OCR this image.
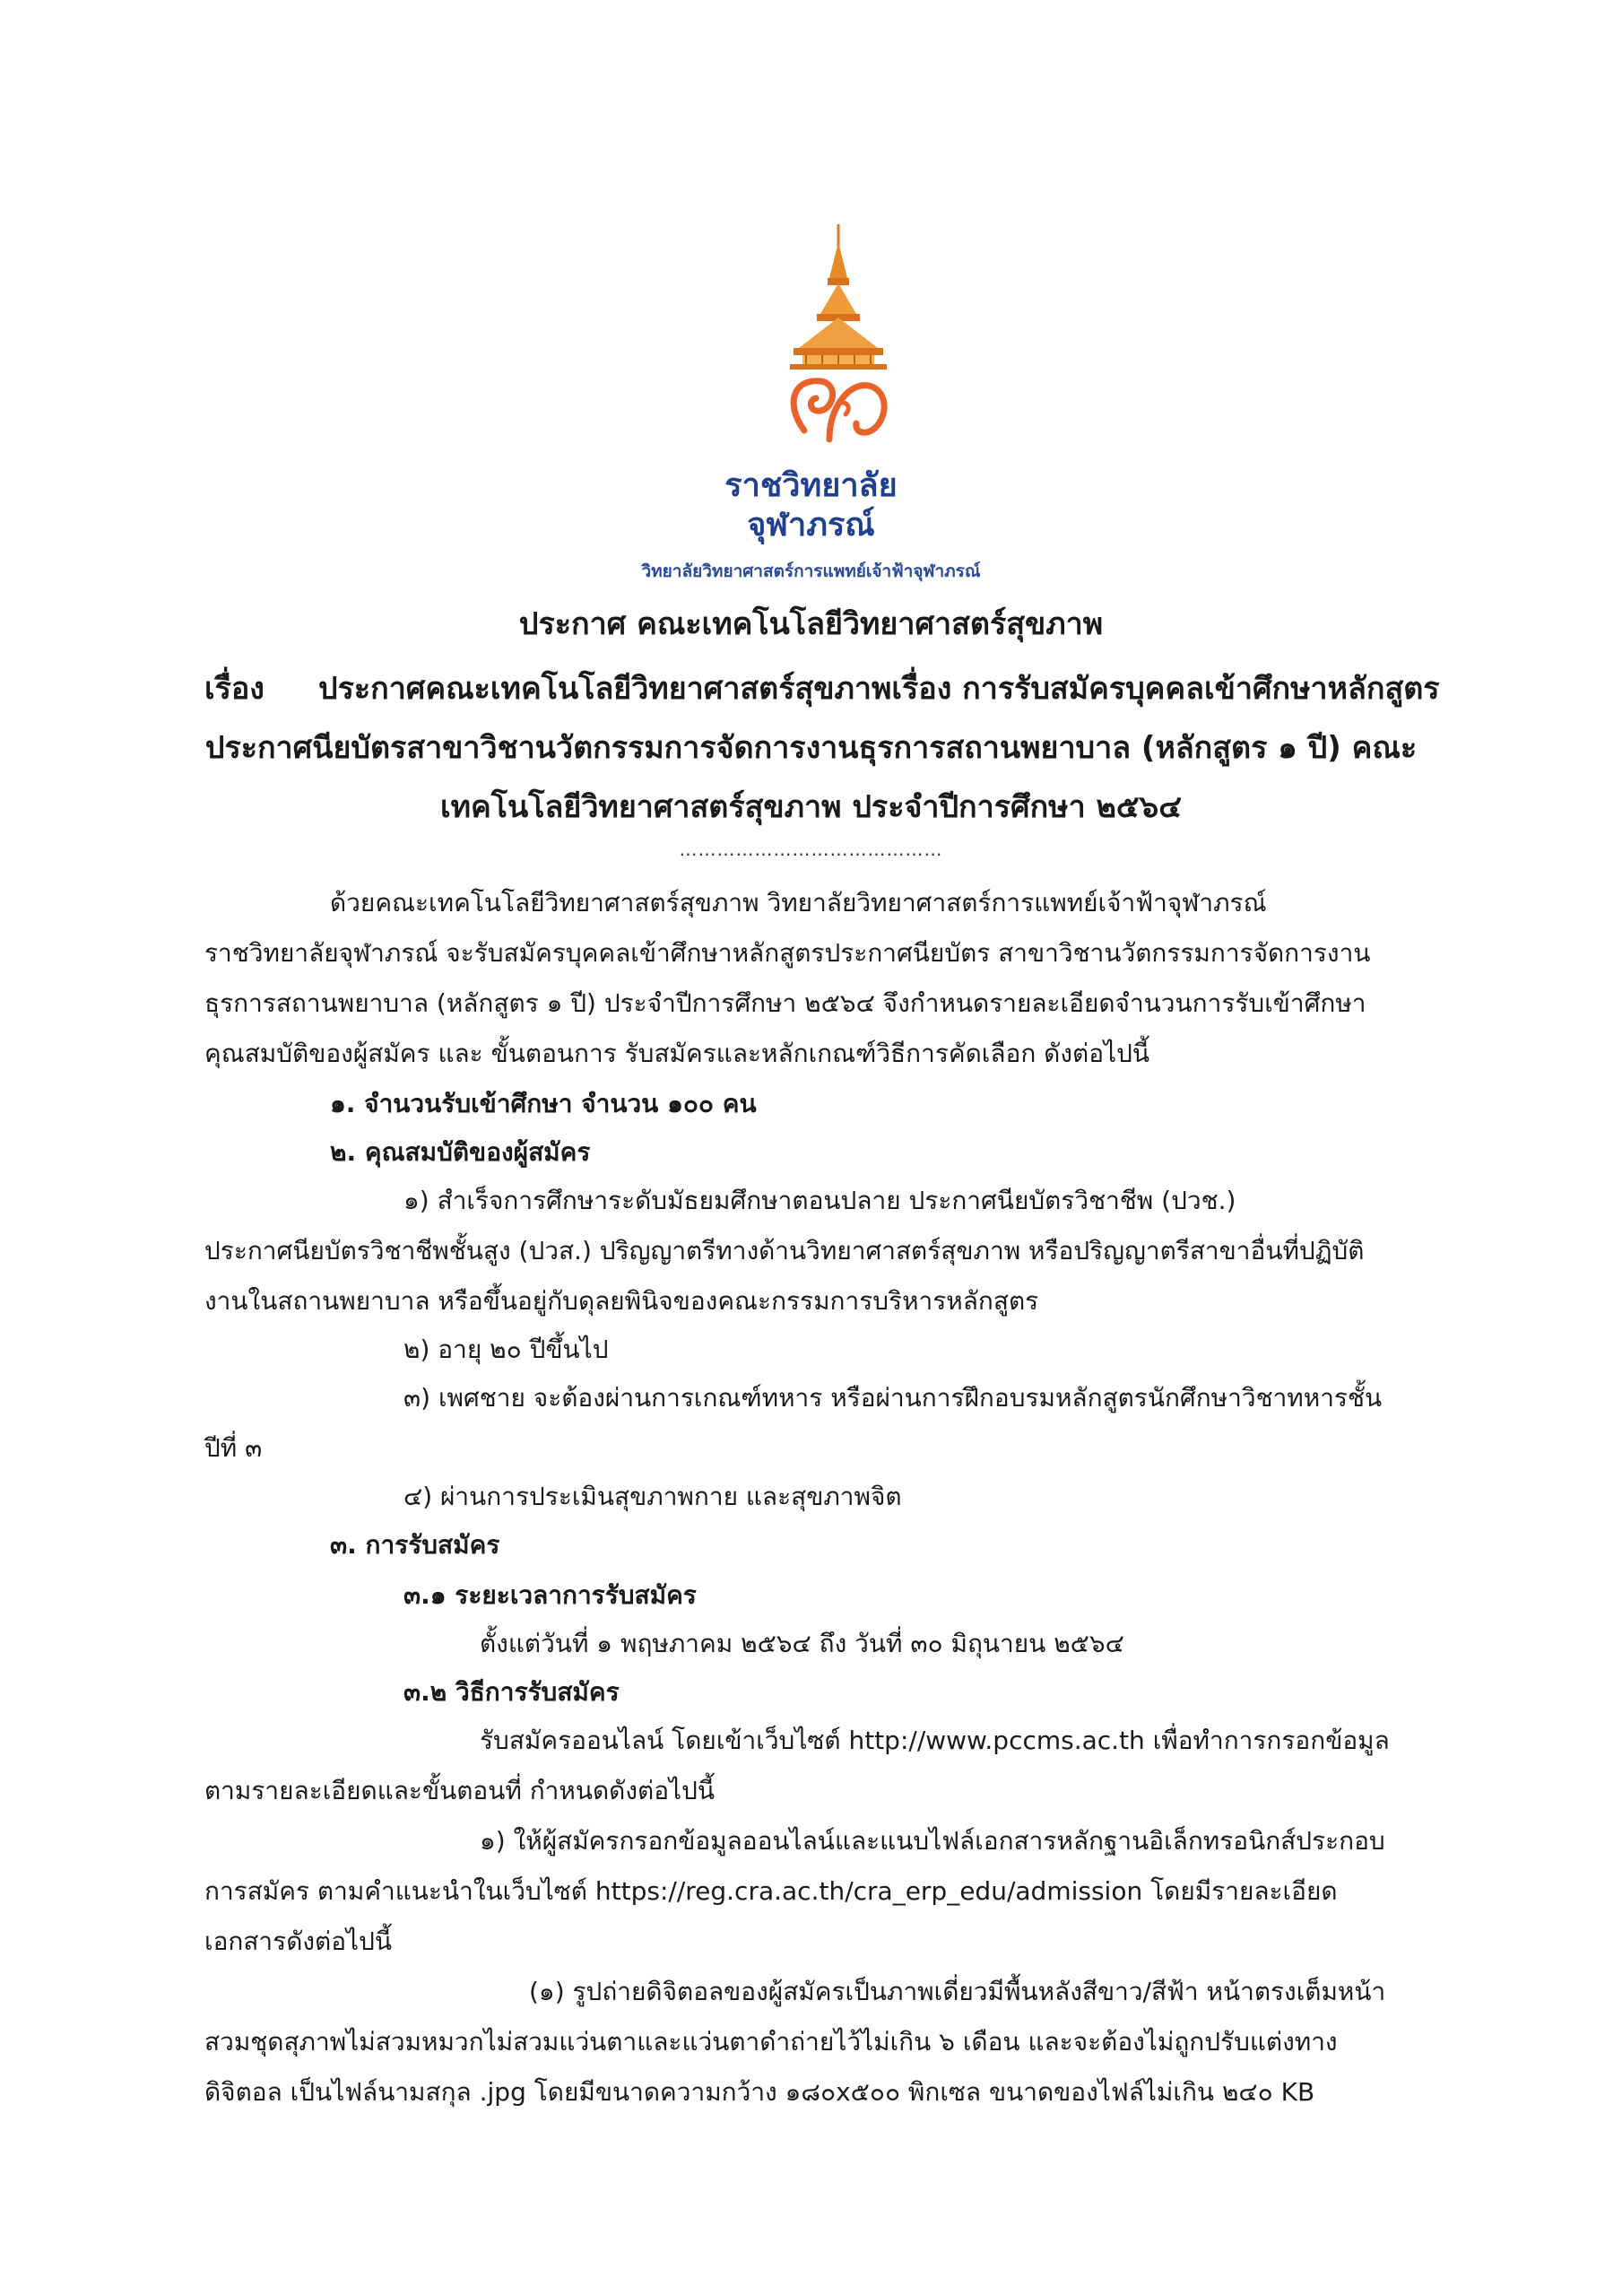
ราชวิทยาลัย
จุฬาภรณ์
วิทยาลัยวิทยาศาสตร์การแพทย์เจ้าฟ้าจุฬาภรณ์
ประกาศ คณะเทคโนโลยีวิทยาศาสตร์สุขภาพ
เรื่อง ประกาศคณะเทคโนโลยีวิทยาศาสตร์สุขภาพเรื่อง การรับสมัครบุคคลเข้าศึกษาหลักสูตร
ประกาศนียบัตรสาขาวิชานวัตกรรมการจัดการงานธุรการสถานพยาบาล (หลักสูตร ๑ ปี) คณะ
เทคโนโลยีวิทยาศาสตร์สุขภาพ ประจำปีการศึกษา ๒๕๖๔
……………………………………
ด้วยคณะเทคโนโลยีวิทยาศาสตร์สุขภาพ วิทยาลัยวิทยาศาสตร์การแพทย์เจ้าฟ้าจุฬาภรณ์
ราชวิทยาลัยจุฬาภรณ์ จะรับสมัครบุคคลเข้าศึกษาหลักสูตรประกาศนียบัตร สาขาวิชานวัตกรรมการจัดการงาน
ธุรการสถานพยาบาล (หลักสูตร ๑ ปี) ประจำปีการศึกษา ๒๕๖๔ จึงกำหนดรายละเอียดจำนวนการรับเข้าศึกษา
คุณสมบัติของผู้สมัคร และ ขั้นตอนการ รับสมัครและหลักเกณฑ์วิธีการคัดเลือก ดังต่อไปนี้
๑. จำนวนรับเข้าศึกษา จำนวน ๑๐๐ คน
๒. คุณสมบัติของผู้สมัคร
๑) สำเร็จการศึกษาระดับมัธยมศึกษาตอนปลาย ประกาศนียบัตรวิชาชีพ (ปวช.)
ประกาศนียบัตรวิชาชีพชั้นสูง (ปวส.) ปริญญาตรีทางด้านวิทยาศาสตร์สุขภาพ หรือปริญญาตรีสาขาอื่นที่ปฏิบัติ
งานในสถานพยาบาล หรือขึ้นอยู่กับดุลยพินิจของคณะกรรมการบริหารหลักสูตร
๒) อายุ ๒๐ ปีขึ้นไป
๓) เพศชาย จะต้องผ่านการเกณฑ์ทหาร หรือผ่านการฝึกอบรมหลักสูตรนักศึกษาวิชาทหารชั้น
ปีที่ ๓
๔) ผ่านการประเมินสุขภาพกาย และสุขภาพจิต
๓. การรับสมัคร
๓.๑ ระยะเวลาการรับสมัคร
ตั้งแต่วันที่ ๑ พฤษภาคม ๒๕๖๔ ถึง วันที่ ๓๐ มิถุนายน ๒๕๖๔
๓.๒ วิธีการรับสมัคร
รับสมัครออนไลน์ โดยเข้าเว็บไซต์ http://www.pccms.ac.th เพื่อทำการกรอกข้อมูล
ตามรายละเอียดและขั้นตอนที่ กำหนดดังต่อไปนี้
๑) ให้ผู้สมัครกรอกข้อมูลออนไลน์และแนบไฟล์เอกสารหลักฐานอิเล็กทรอนิกส์ประกอบ
การสมัคร ตามคำแนะนำในเว็บไซต์ https://reg.cra.ac.th/cra_erp_edu/admission โดยมีรายละเอียด
เอกสารดังต่อไปนี้
(๑) รูปถ่ายดิจิตอลของผู้สมัครเป็นภาพเดี่ยวมีพื้นหลังสีขาว/สีฟ้า หน้าตรงเต็มหน้า
สวมชุดสุภาพไม่สวมหมวกไม่สวมแว่นตาและแว่นตาดำถ่ายไว้ไม่เกิน ๖ เดือน และจะต้องไม่ถูกปรับแต่งทาง
ดิจิตอล เป็นไฟล์นามสกุล .jpg โดยมีขนาดความกว้าง ๑๘๐x๕๐๐ พิกเซล ขนาดของไฟล์ไม่เกิน ๒๔๐ KB
